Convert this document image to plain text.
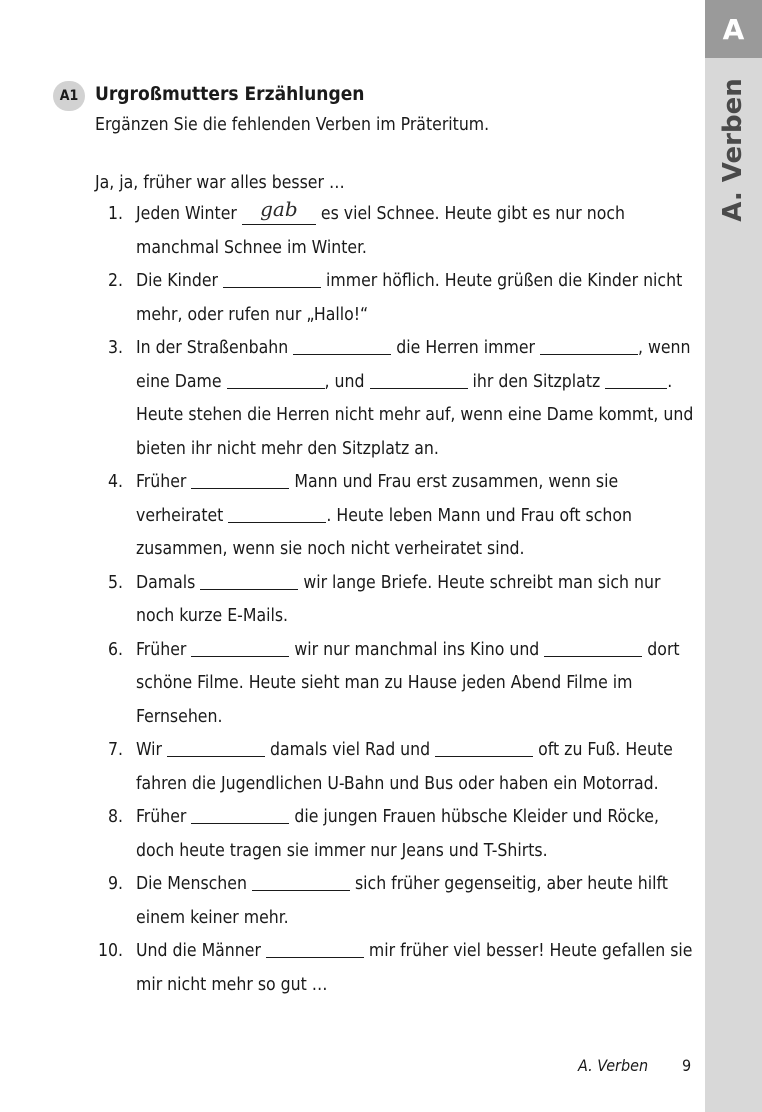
A
A. Verben
A1 Urgroßmutters Erzählungen
Ergänzen Sie die fehlenden Verben im Präteritum.
Ja, ja, früher war alles besser …
1. Jeden Winter gab es viel Schnee. Heute gibt es nur noch manchmal Schnee im Winter.
2. Die Kinder	immer höflich. Heute grüßen die Kinder nicht mehr, oder rufen nur „Hallo!“
3. In der Straßenbahn	die Herren immer	, wenn eine Dame	, und	ihr den Sitzplatz	. Heute stehen die Herren nicht mehr auf, wenn eine Dame kommt, und bieten ihr nicht mehr den Sitzplatz an.
4. Früher	Mann und Frau erst zusammen, wenn sie verheiratet	. Heute leben Mann und Frau oft schon zusammen, wenn sie noch nicht verheiratet sind.
5. Damals	wir lange Briefe. Heute schreibt man sich nur noch kurze E-Mails.
6. Früher	wir nur manchmal ins Kino und	dort schöne Filme. Heute sieht man zu Hause jeden Abend Filme im Fernsehen.
7. Wir	damals viel Rad und	oft zu Fuß. Heute fahren die Jugendlichen U-Bahn und Bus oder haben ein Motorrad.
8. Früher	die jungen Frauen hübsche Kleider und Röcke, doch heute tragen sie immer nur Jeans und T-Shirts.
9. Die Menschen	sich früher gegenseitig, aber heute hilft einem keiner mehr.
10. Und die Männer	mir früher viel besser! Heute gefallen sie mir nicht mehr so gut …
A. Verben 9
